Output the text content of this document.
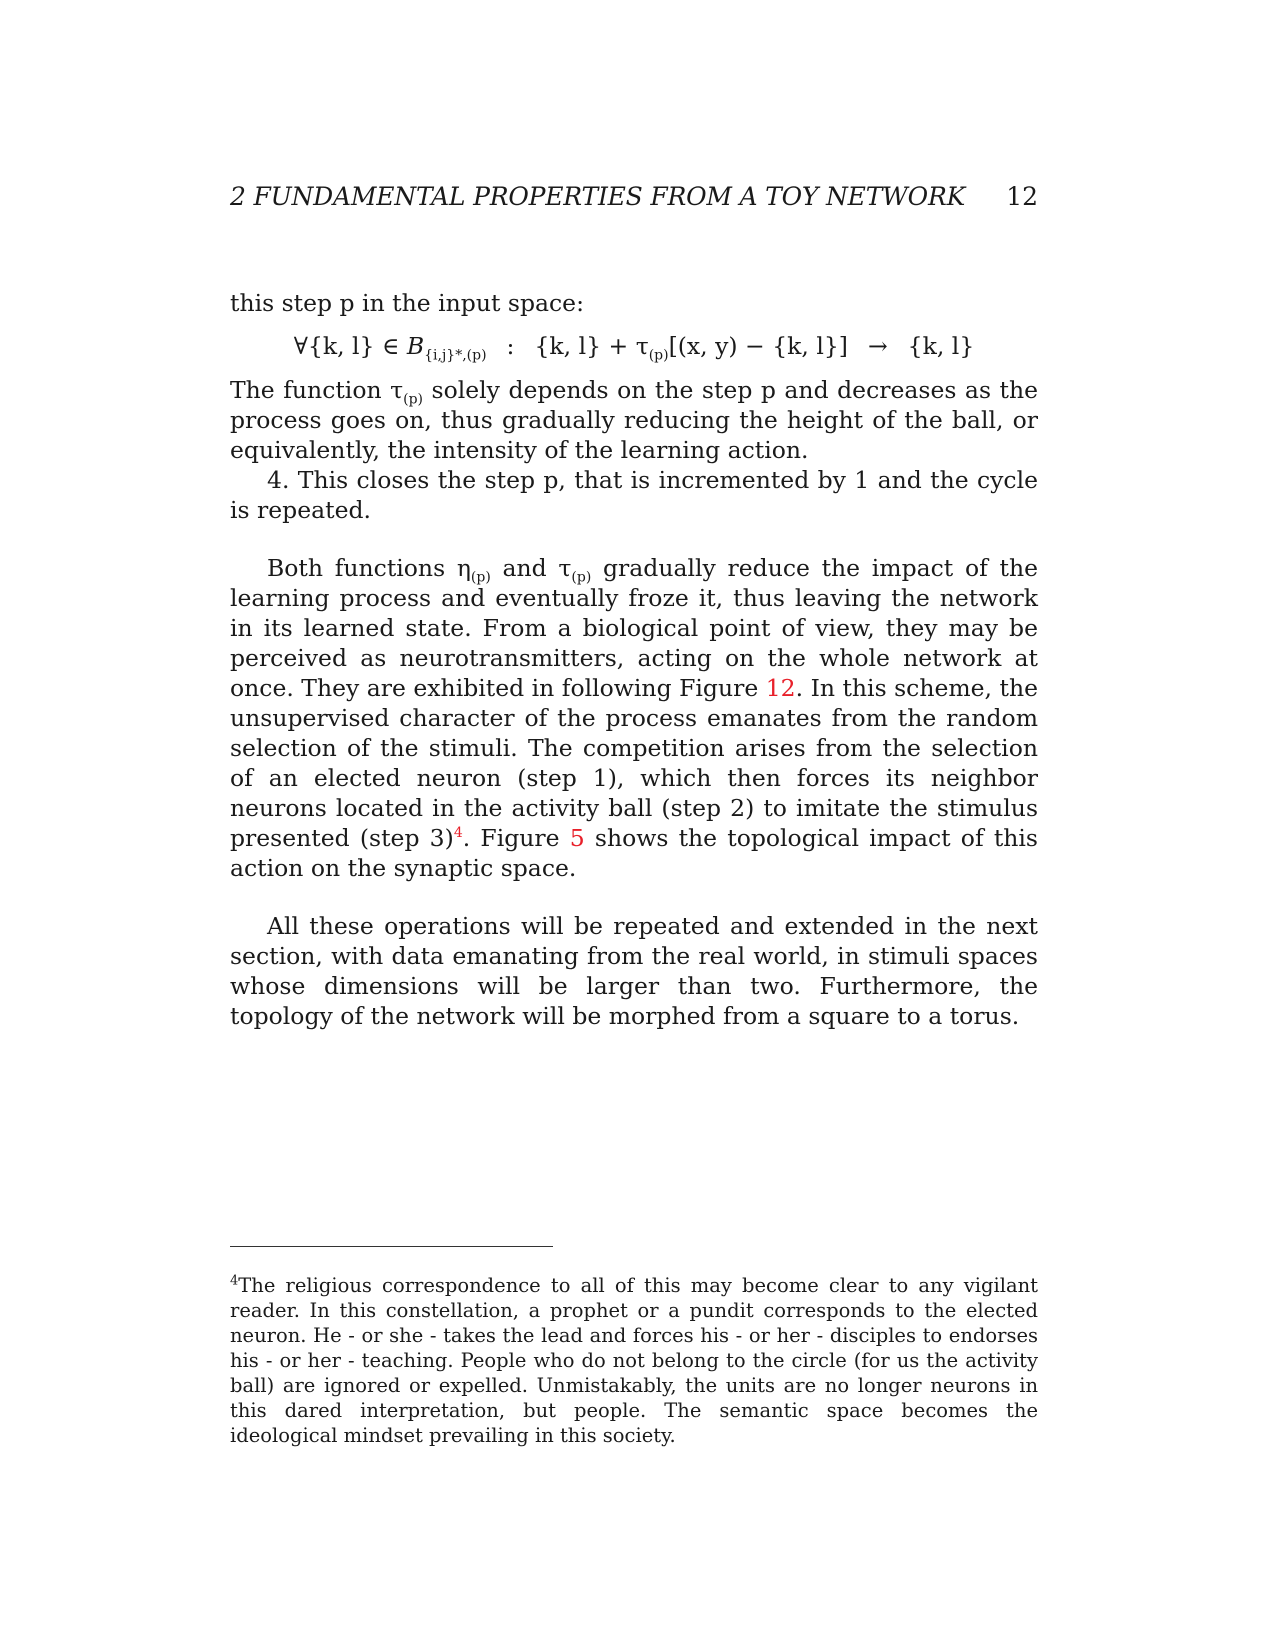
2 FUNDAMENTAL PROPERTIES FROM A TOY NETWORK 12

this step p in the input space:

∀{k, l} ∈ $B_{\{i,j\}*,(p)}$ : {k, $l\} + \tau_{(p)}[(x$, y) − {k, l}] → {k, l}

The function $\tau_{(p)}$ solely depends on the step p and decreases as the process goes on, thus gradually reducing the height of the ball, or equivalently, the intensity of the learning action.

4. This closes the step p, that is incremented by 1 and the cycle is repeated.

Both functions $\eta_{(p)}$ and $\tau_{(p)}$ gradually reduce the impact of the learning process and eventually froze it, thus leaving the network in its learned state. From a biological point of view, they may be perceived as neurotransmitters, acting on the whole network at once. They are exhibited in following Figure 12. In this scheme, the unsupervised character of the process emanates from the random selection of the stimuli. The competition arises from the selection of an elected neuron (step 1), which then forces its neighbor neurons located in the activity ball (step 2) to imitate the stimulus presented (step 3)$^4$. Figure 5 shows the topological impact of this action on the synaptic space.

All these operations will be repeated and extended in the next section, with data emanating from the real world, in stimuli spaces whose dimensions will be larger than two. Furthermore, the topology of the network will be morphed from a square to a torus.

$^4$The religious correspondence to all of this may become clear to any vigilant reader. In this constellation, a prophet or a pundit corresponds to the elected neuron. He - or she - takes the lead and forces his - or her - disciples to endorses his - or her - teaching. People who do not belong to the circle (for us the activity ball) are ignored or expelled. Unmistakably, the units are no longer neurons in this dared interpretation, but people. The semantic space becomes the ideological mindset prevailing in this society.
